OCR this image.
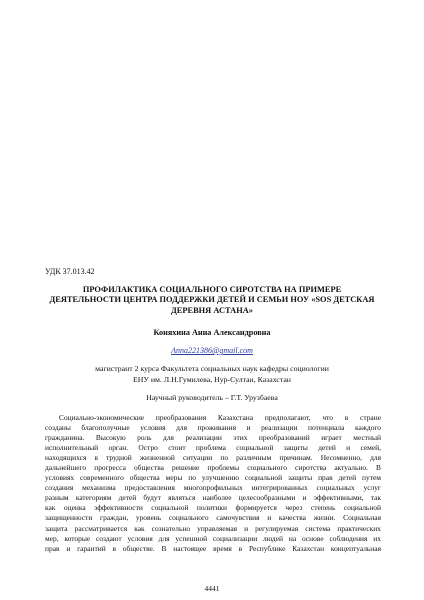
УДК 37.013.42
ПРОФИЛАКТИКА СОЦИАЛЬНОГО СИРОТСТВА НА ПРИМЕРЕ
ДЕЯТЕЛЬНОСТИ ЦЕНТРА ПОДДЕРЖКИ ДЕТЕЙ И СЕМЬИ НОУ «SOS ДЕТСКАЯ
ДЕРЕВНЯ АСТАНА»
Коняхина Анна Александровна
Anna221386@gmail.com
магистрант 2 курса Факультета социальных наук кафедры социологии
ЕНУ им. Л.Н.Гумилева, Нур-Султан, Казахстан
Научный руководитель – Г.Т. Урузбаева
Социально-экономические преобразования Казахстана предполагают, что в стране
созданы благополучные условия для проживания и реализации потенциала каждого
гражданина. Высокую роль для реализации этих преобразований играет местный
исполнительный орган. Остро стоит проблема социальной защиты детей и семей,
находящихся в трудной жизненной ситуации по различным причинам. Несомненно, для
дальнейшего прогресса общества решение проблемы социального сиротства актуально. В
условиях современного общества меры по улучшению социальной защиты прав детей путем
создания механизма предоставления многопрофильных интегрированных социальных услуг
разным категориям детей будут являться наиболее целесообразными и эффективными, так
как оценка эффективности социальной политики формируется через степень социальной
защищенности граждан, уровень социального самочувствия и качества жизни. Социальная
защита рассматривается как сознательно управляемая и регулируемая система практических
мер, которые создают условия для успешной социализации людей на основе соблюдения их
прав и гарантий в обществе. В настоящее время в Республике Казахстан концептуальная
4441
